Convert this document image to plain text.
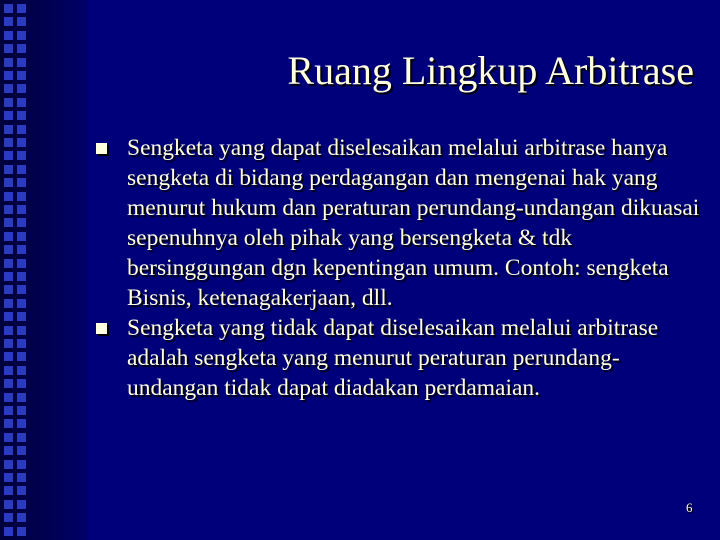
Ruang Lingkup Arbitrase
Sengketa yang dapat diselesaikan melalui arbitrase hanya sengketa di bidang perdagangan dan mengenai hak yang menurut hukum dan peraturan perundang-undangan dikuasai sepenuhnya oleh pihak yang bersengketa & tdk bersinggungan dgn kepentingan umum. Contoh: sengketa Bisnis, ketenagakerjaan, dll.
Sengketa yang tidak dapat diselesaikan melalui arbitrase adalah sengketa yang menurut peraturan perundang-undangan tidak dapat diadakan perdamaian.
6
